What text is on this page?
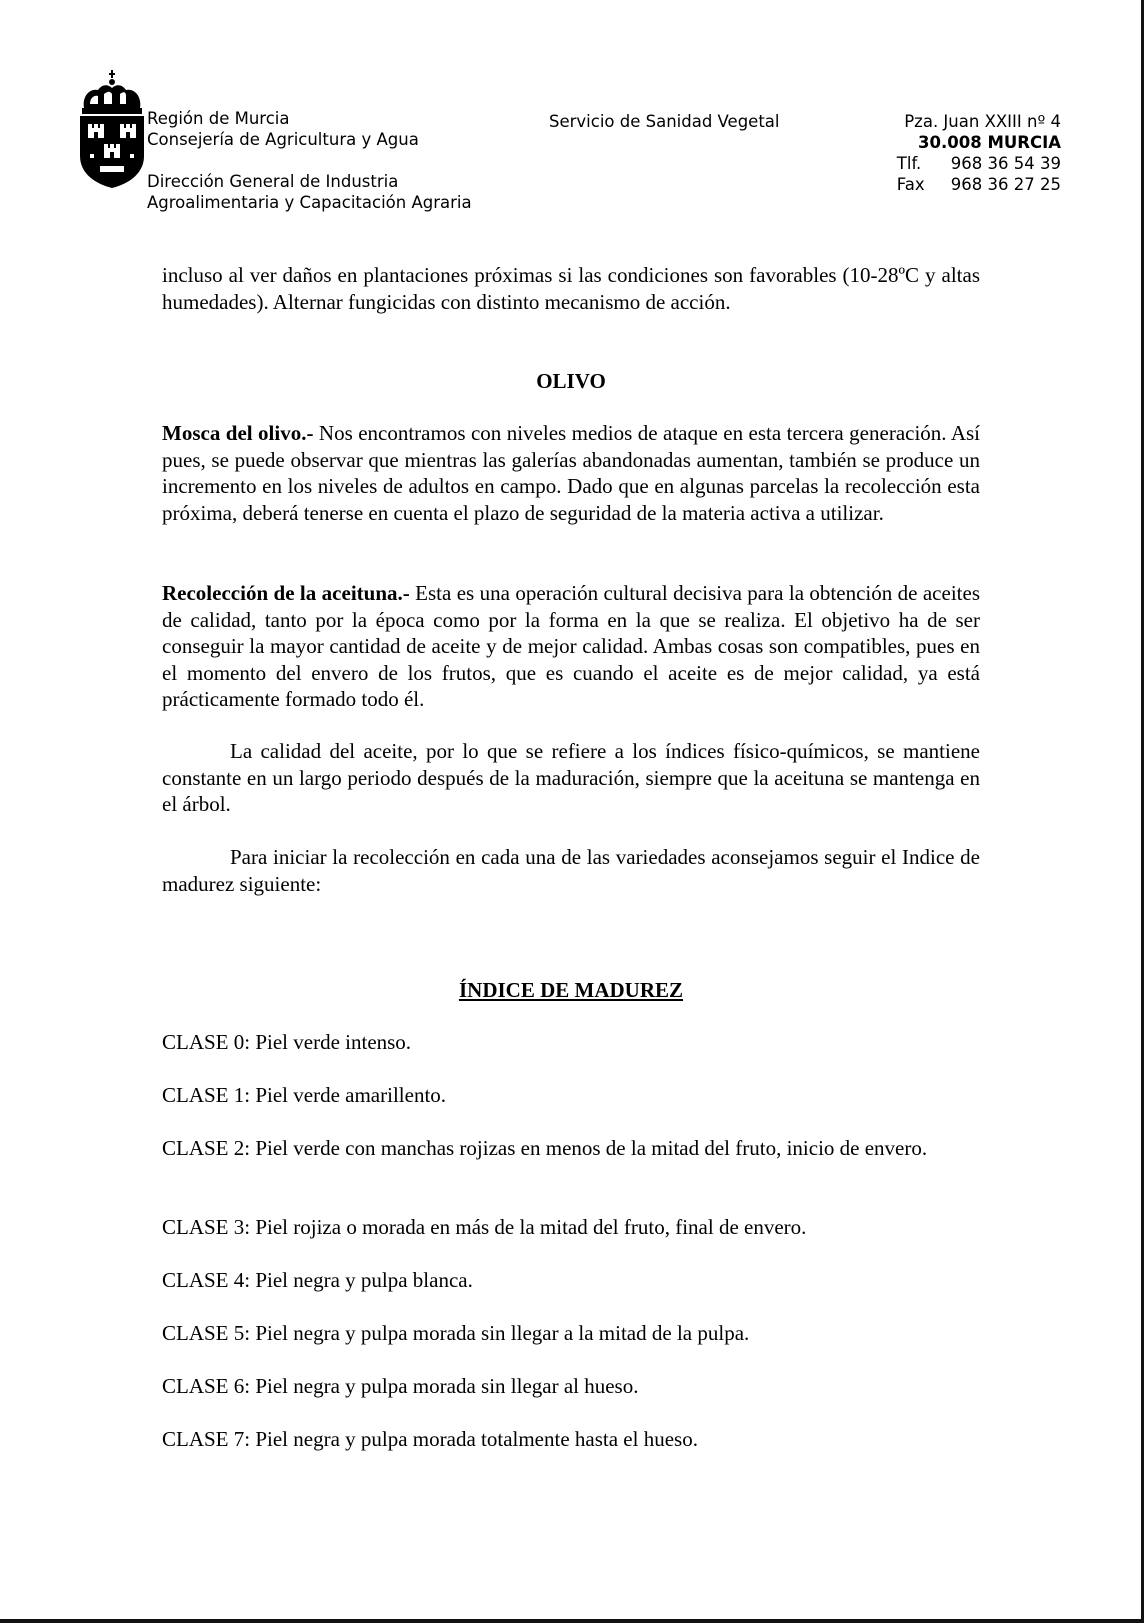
Región de Murcia
Consejería de Agricultura y Agua
Dirección General de Industria
Agroalimentaria y Capacitación Agraria
Servicio de Sanidad Vegetal	Pza. Juan XXIII nº 4
30.008 MURCIA
Tlf. 968 36 54 39
Fax 968 36 27 25

incluso al ver daños en plantaciones próximas si las condiciones son favorables (10-28ºC y altas humedades). Alternar fungicidas con distinto mecanismo de acción.

OLIVO

Mosca del olivo.- Nos encontramos con niveles medios de ataque en esta tercera generación. Así pues, se puede observar que mientras las galerías abandonadas aumentan, también se produce un incremento en los niveles de adultos en campo. Dado que en algunas parcelas la recolección esta próxima, deberá tenerse en cuenta el plazo de seguridad de la materia activa a utilizar.

Recolección de la aceituna.- Esta es una operación cultural decisiva para la obtención de aceites de calidad, tanto por la época como por la forma en la que se realiza. El objetivo ha de ser conseguir la mayor cantidad de aceite y de mejor calidad. Ambas cosas son compatibles, pues en el momento del envero de los frutos, que es cuando el aceite es de mejor calidad, ya está prácticamente formado todo él.

La calidad del aceite, por lo que se refiere a los índices físico-químicos, se mantiene constante en un largo periodo después de la maduración, siempre que la aceituna se mantenga en el árbol.

Para iniciar la recolección en cada una de las variedades aconsejamos seguir el Indice de madurez siguiente:

ÍNDICE DE MADUREZ

CLASE 0: Piel verde intenso.

CLASE 1: Piel verde amarillento.

CLASE 2: Piel verde con manchas rojizas en menos de la mitad del fruto, inicio de envero.

CLASE 3: Piel rojiza o morada en más de la mitad del fruto, final de envero.

CLASE 4: Piel negra y pulpa blanca.

CLASE 5: Piel negra y pulpa morada sin llegar a la mitad de la pulpa.

CLASE 6: Piel negra y pulpa morada sin llegar al hueso.

CLASE 7: Piel negra y pulpa morada totalmente hasta el hueso.
